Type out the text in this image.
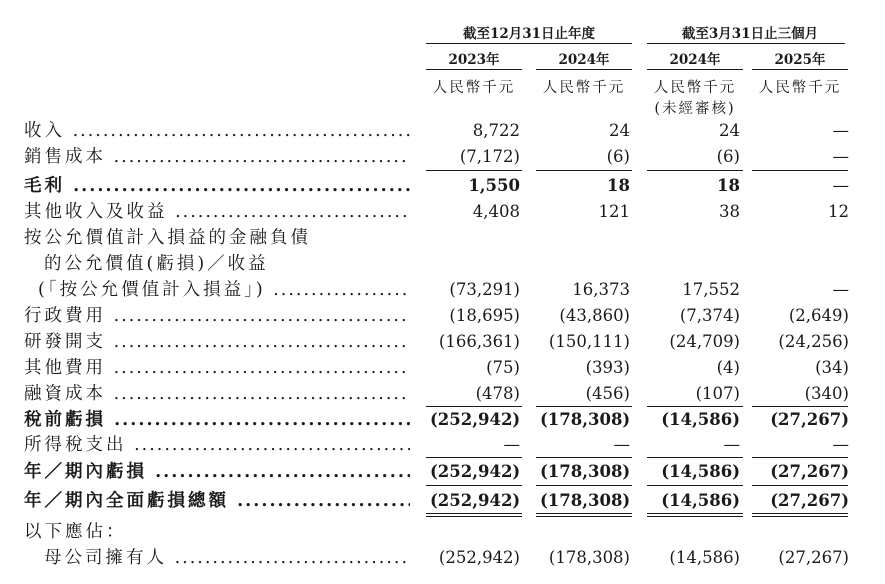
截至12月31日止年度	截至3月31日止三個月
2023年	2024年	2024年	2025年
人民幣千元	人民幣千元	人民幣千元	人民幣千元
(未經審核)
收入 .....	8,722	24	24	—
銷售成本 .....	(7,172)	(6)	(6)	—
毛利 .....	1,550	18	18	—
其他收入及收益 .....	4,408	121	38	12
按公允價值計入損益的金融負債
的公允價值(虧損)／收益
(「按公允價值計入損益」) .....	(73,291)	16,373	17,552	—
行政費用 .....	(18,695)	(43,860)	(7,374)	(2,649)
研發開支 .....	(166,361)	(150,111)	(24,709)	(24,256)
其他費用 .....	(75)	(393)	(4)	(34)
融資成本 .....	(478)	(456)	(107)	(340)
稅前虧損 .....	(252,942) (178,308)	(14,586)	(27,267)
所得稅支出 .....	—	—	—	—
年／期內虧損 .....	(252,942) (178,308)	(14,586)	(27,267)
年／期內全面虧損總額 .....	(252,942) (178,308)	(14,586)	(27,267)
以下應佔：
母公司擁有人 .....	(252,942)	(178,308)	(14,586)	(27,267)
